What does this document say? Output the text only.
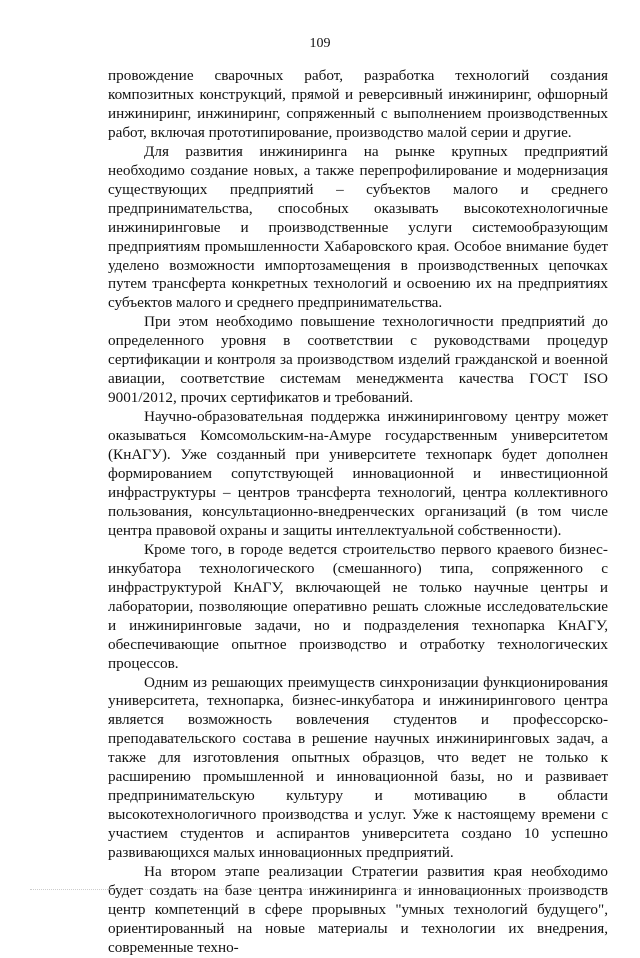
109

провождение сварочных работ, разработка технологий создания композитных конструкций, прямой и реверсивный инжиниринг, офшорный инжиниринг, инжиниринг, сопряженный с выполнением производственных работ, включая прототипирование, производство малой серии и другие.

Для развития инжиниринга на рынке крупных предприятий необходимо создание новых, а также перепрофилирование и модернизация существующих предприятий – субъектов малого и среднего предпринимательства, способных оказывать высокотехнологичные инжиниринговые и производственные услуги системообразующим предприятиям промышленности Хабаровского края. Особое внимание будет уделено возможности импортозамещения в производственных цепочках путем трансферта конкретных технологий и освоению их на предприятиях субъектов малого и среднего предпринимательства.

При этом необходимо повышение технологичности предприятий до определенного уровня в соответствии с руководствами процедур сертификации и контроля за производством изделий гражданской и военной авиации, соответствие системам менеджмента качества ГОСТ ISO 9001/2012, прочих сертификатов и требований.

Научно-образовательная поддержка инжиниринговому центру может оказываться Комсомольским-на-Амуре государственным университетом (КнАГУ). Уже созданный при университете технопарк будет дополнен формированием сопутствующей инновационной и инвестиционной инфраструктуры – центров трансферта технологий, центра коллективного пользования, консультационно-внедренческих организаций (в том числе центра правовой охраны и защиты интеллектуальной собственности).

Кроме того, в городе ведется строительство первого краевого бизнес-инкубатора технологического (смешанного) типа, сопряженного с инфраструктурой КнАГУ, включающей не только научные центры и лаборатории, позволяющие оперативно решать сложные исследовательские и инжиниринговые задачи, но и подразделения технопарка КнАГУ, обеспечивающие опытное производство и отработку технологических процессов.

Одним из решающих преимуществ синхронизации функционирования университета, технопарка, бизнес-инкубатора и инжинирингового центра является возможность вовлечения студентов и профессорско-преподавательского состава в решение научных инжиниринговых задач, а также для изготовления опытных образцов, что ведет не только к расширению промышленной и инновационной базы, но и развивает предпринимательскую культуру и мотивацию в области высокотехнологичного производства и услуг. Уже к настоящему времени с участием студентов и аспирантов университета создано 10 успешно развивающихся малых инновационных предприятий.

На втором этапе реализации Стратегии развития края необходимо будет создать на базе центра инжиниринга и инновационных производств центр компетенций в сфере прорывных "умных технологий будущего", ориентированный на новые материалы и технологии их внедрения, современные техно-
